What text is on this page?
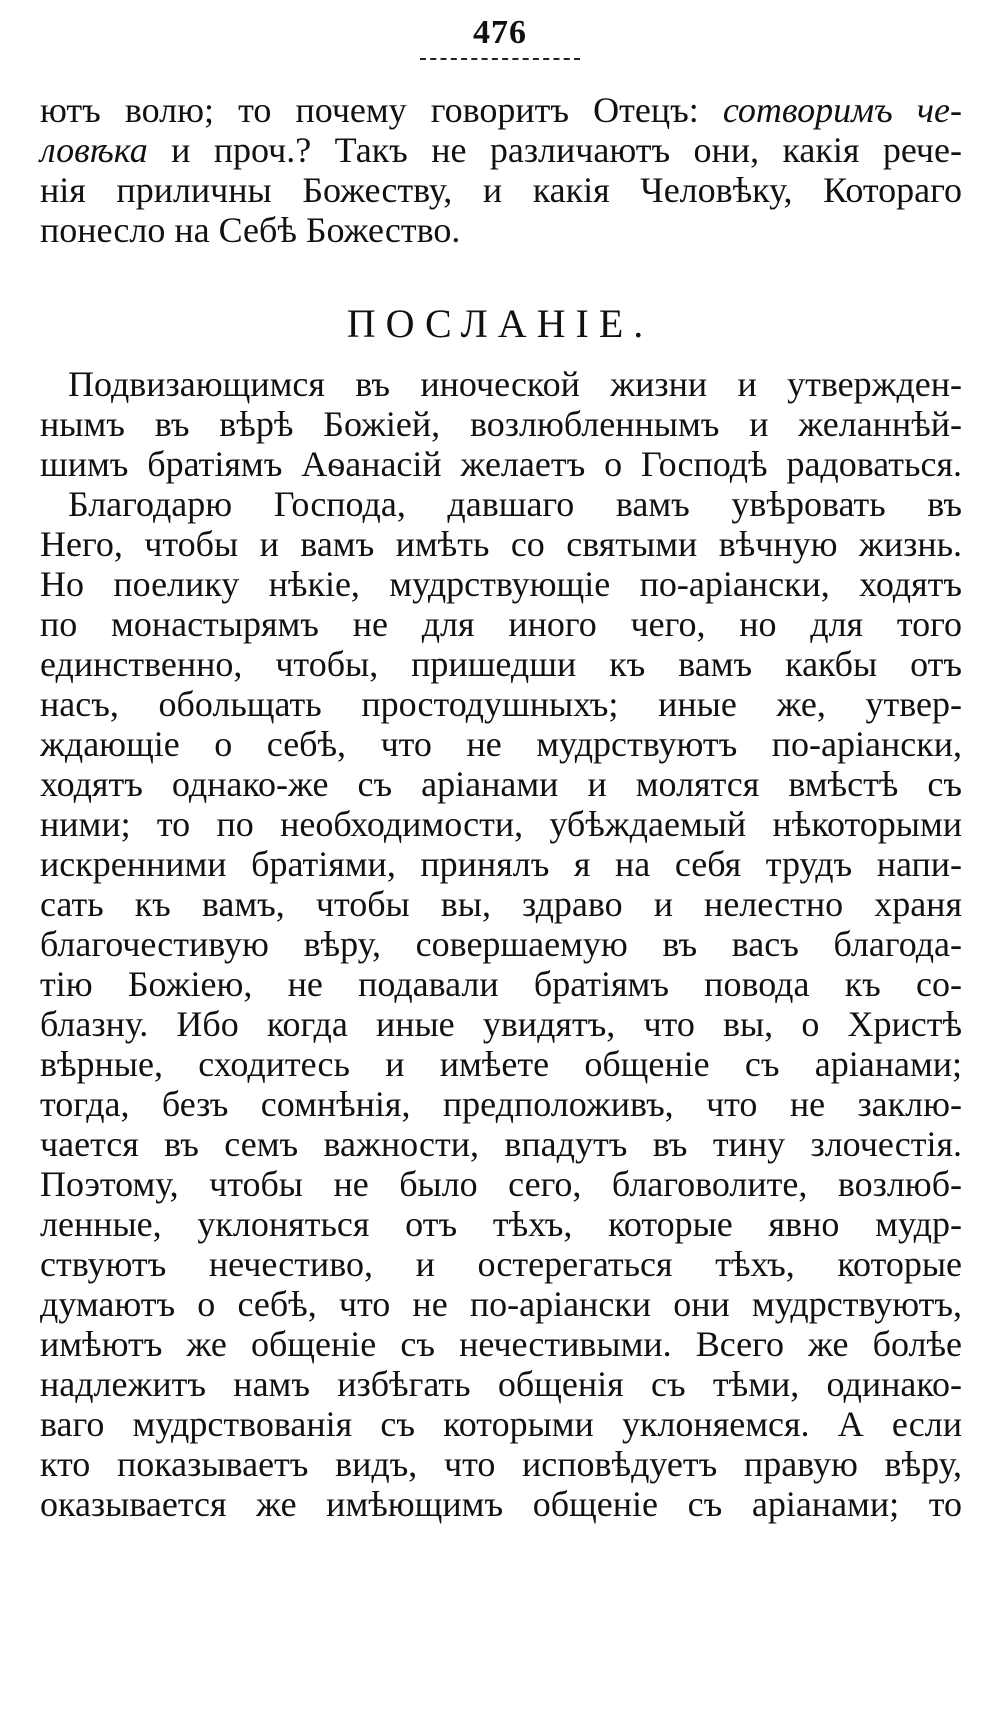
476
ютъ волю; то почему говоритъ Отецъ: сотворимъ че-
ловѣка и проч.? Такъ не различаютъ они, какія рече-
нія приличны Божеству, и какія Человѣку, Котораго
понесло на Себѣ Божество.
ПОСЛАНІЕ.
Подвизающимся въ иноческой жизни и утвержден-
нымъ въ вѣрѣ Божіей, возлюбленнымъ и желаннѣй-
шимъ братіямъ Аѳанасій желаетъ о Господѣ радоваться.
Благодарю Господа, давшаго вамъ увѣровать въ
Него, чтобы и вамъ имѣть со святыми вѣчную жизнь.
Но поелику нѣкіе, мудрствующіе по-аріански, ходятъ
по монастырямъ не для иного чего, но для того
единственно, чтобы, пришедши къ вамъ какбы отъ
насъ, обольщать простодушныхъ; иные же, утвер-
ждающіе о себѣ, что не мудрствуютъ по-аріански,
ходятъ однако-же съ аріанами и молятся вмѣстѣ съ
ними; то по необходимости, убѣждаемый нѣкоторыми
искренними братіями, принялъ я на себя трудъ напи-
сать къ вамъ, чтобы вы, здраво и нелестно храня
благочестивую вѣру, совершаемую въ васъ благода-
тію Божіею, не подавали братіямъ повода къ со-
блазну. Ибо когда иные увидятъ, что вы, о Христѣ
вѣрные, сходитесь и имѣете общеніе съ аріанами;
тогда, безъ сомнѣнія, предположивъ, что не заклю-
чается въ семъ важности, впадутъ въ тину злочестія.
Поэтому, чтобы не было сего, благоволите, возлюб-
ленные, уклоняться отъ тѣхъ, которые явно мудр-
ствуютъ нечестиво, и остерегаться тѣхъ, которые
думаютъ о себѣ, что не по-аріански они мудрствуютъ,
имѣютъ же общеніе съ нечестивыми. Всего же болѣе
надлежитъ намъ избѣгать общенія съ тѣми, одинако-
ваго мудрствованія съ которыми уклоняемся. А если
кто показываетъ видъ, что исповѣдуетъ правую вѣру,
оказывается же имѣющимъ общеніе съ аріанами; то
